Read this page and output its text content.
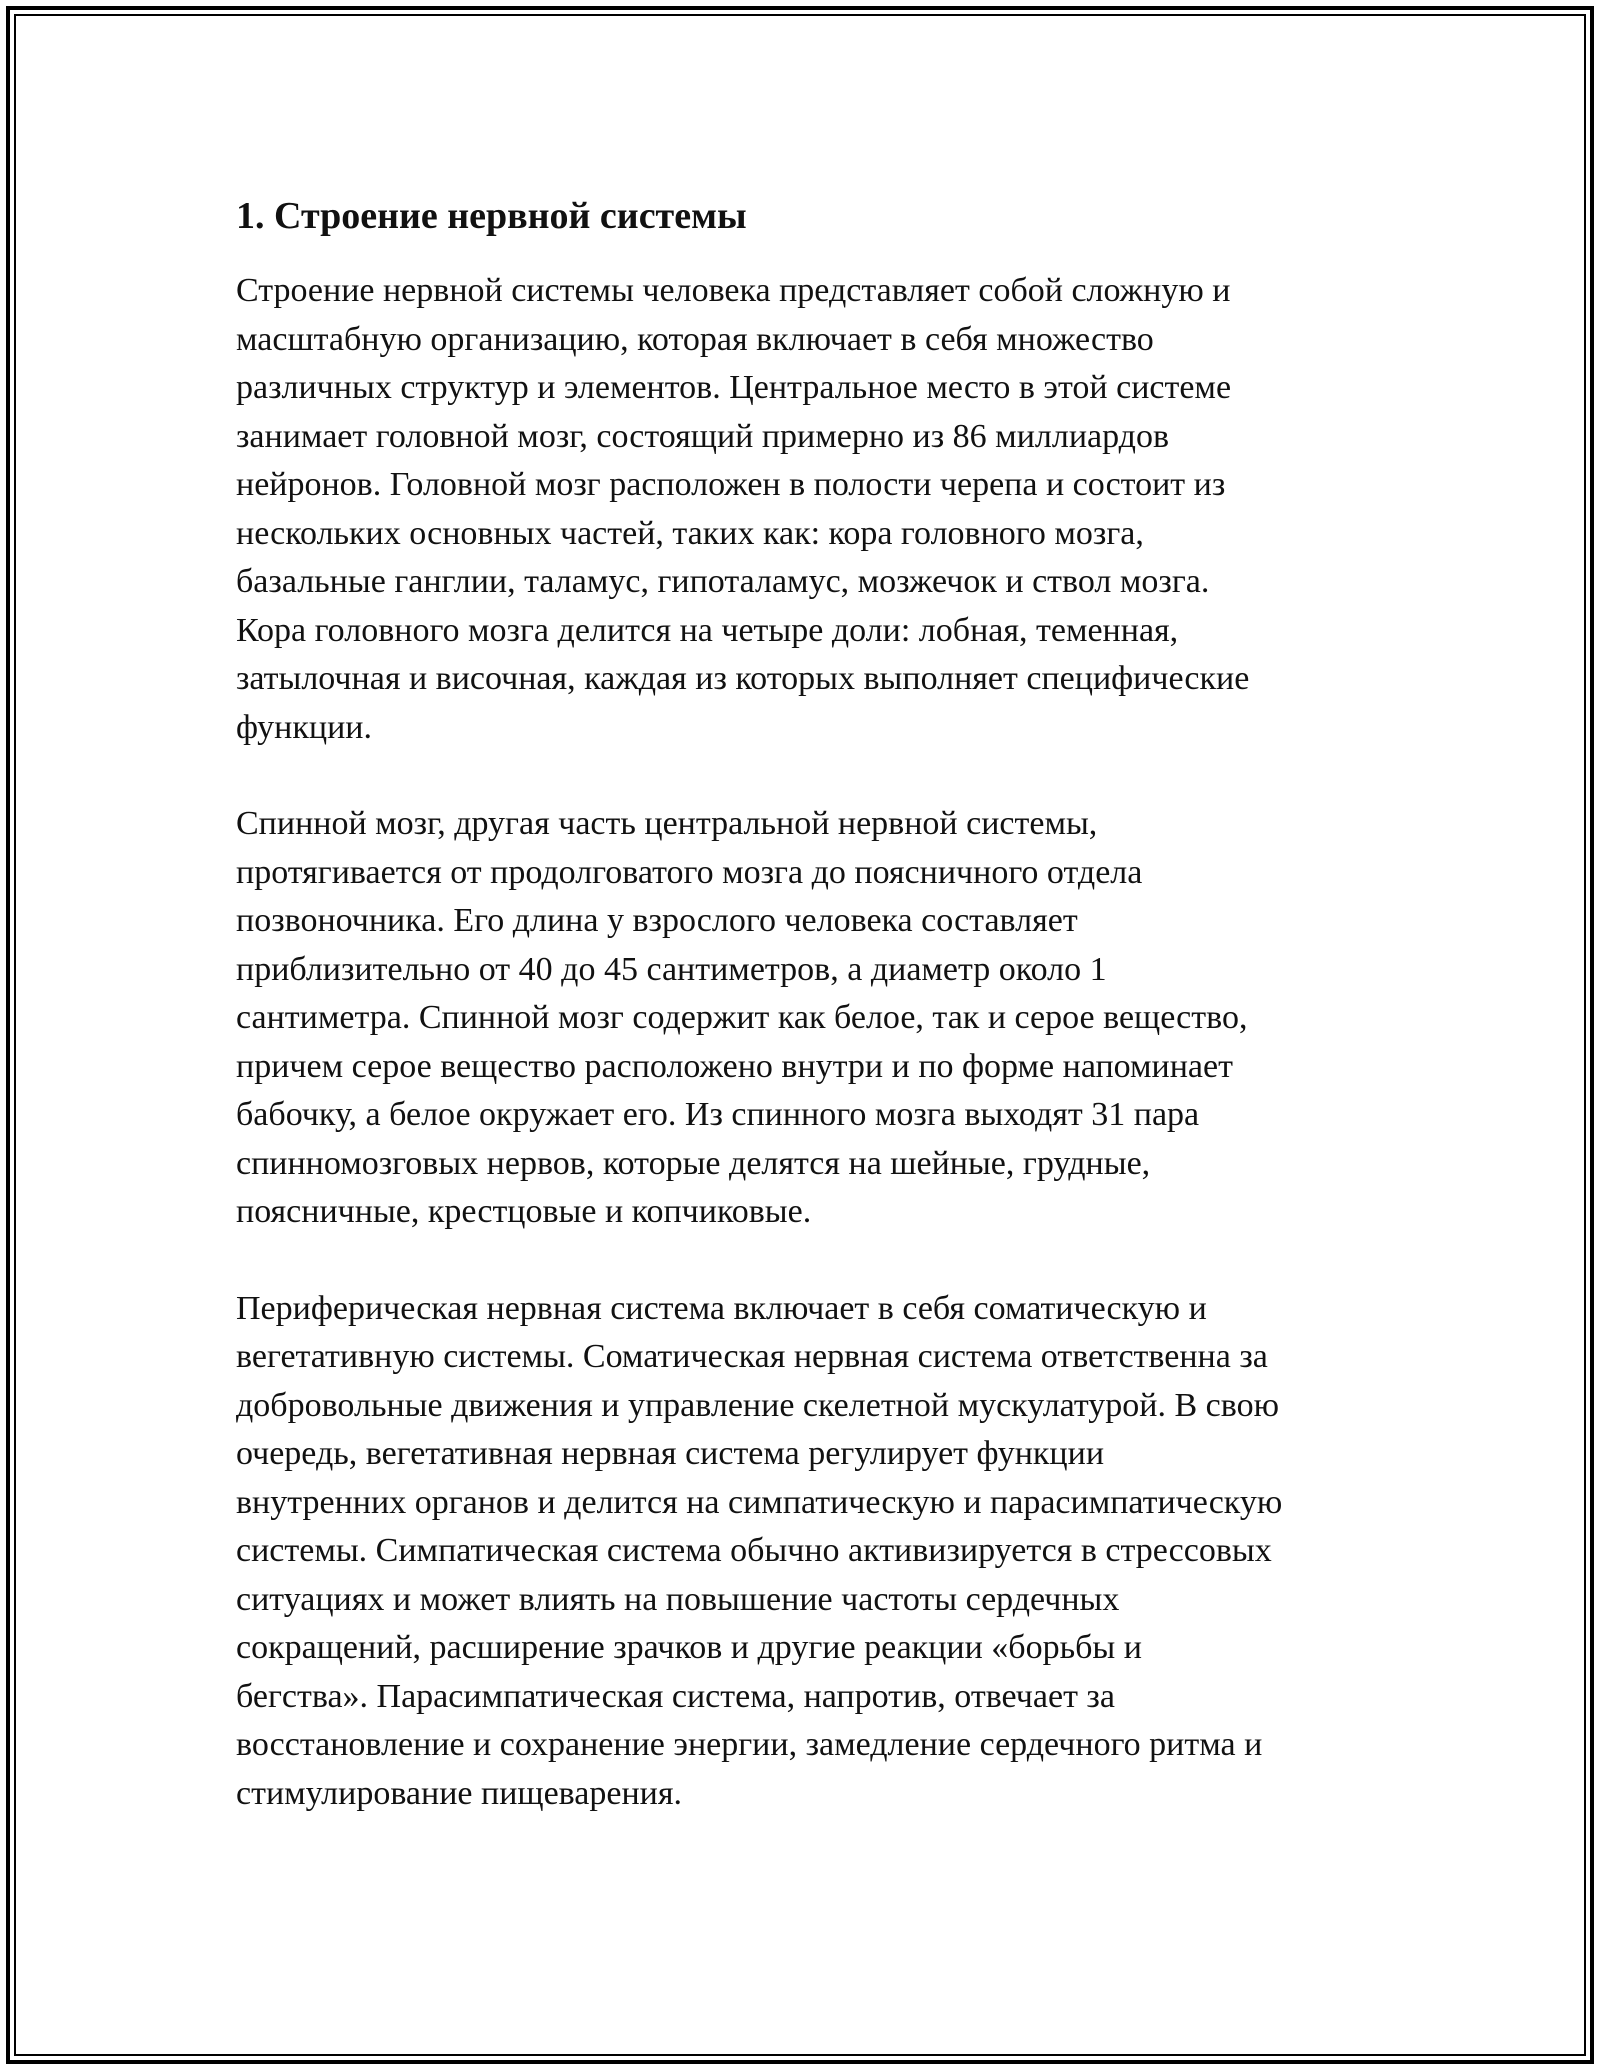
1. Строение нервной системы

Строение нервной системы человека представляет собой сложную и
масштабную организацию, которая включает в себя множество
различных структур и элементов. Центральное место в этой системе
занимает головной мозг, состоящий примерно из 86 миллиардов
нейронов. Головной мозг расположен в полости черепа и состоит из
нескольких основных частей, таких как: кора головного мозга,
базальные ганглии, таламус, гипоталамус, мозжечок и ствол мозга.
Кора головного мозга делится на четыре доли: лобная, теменная,
затылочная и височная, каждая из которых выполняет специфические
функции.

Спинной мозг, другая часть центральной нервной системы,
протягивается от продолговатого мозга до поясничного отдела
позвоночника. Его длина у взрослого человека составляет
приблизительно от 40 до 45 сантиметров, а диаметр около 1
сантиметра. Спинной мозг содержит как белое, так и серое вещество,
причем серое вещество расположено внутри и по форме напоминает
бабочку, а белое окружает его. Из спинного мозга выходят 31 пара
спинномозговых нервов, которые делятся на шейные, грудные,
поясничные, крестцовые и копчиковые.

Периферическая нервная система включает в себя соматическую и
вегетативную системы. Соматическая нервная система ответственна за
добровольные движения и управление скелетной мускулатурой. В свою
очередь, вегетативная нервная система регулирует функции
внутренних органов и делится на симпатическую и парасимпатическую
системы. Симпатическая система обычно активизируется в стрессовых
ситуациях и может влиять на повышение частоты сердечных
сокращений, расширение зрачков и другие реакции «борьбы и
бегства». Парасимпатическая система, напротив, отвечает за
восстановление и сохранение энергии, замедление сердечного ритма и
стимулирование пищеварения.
